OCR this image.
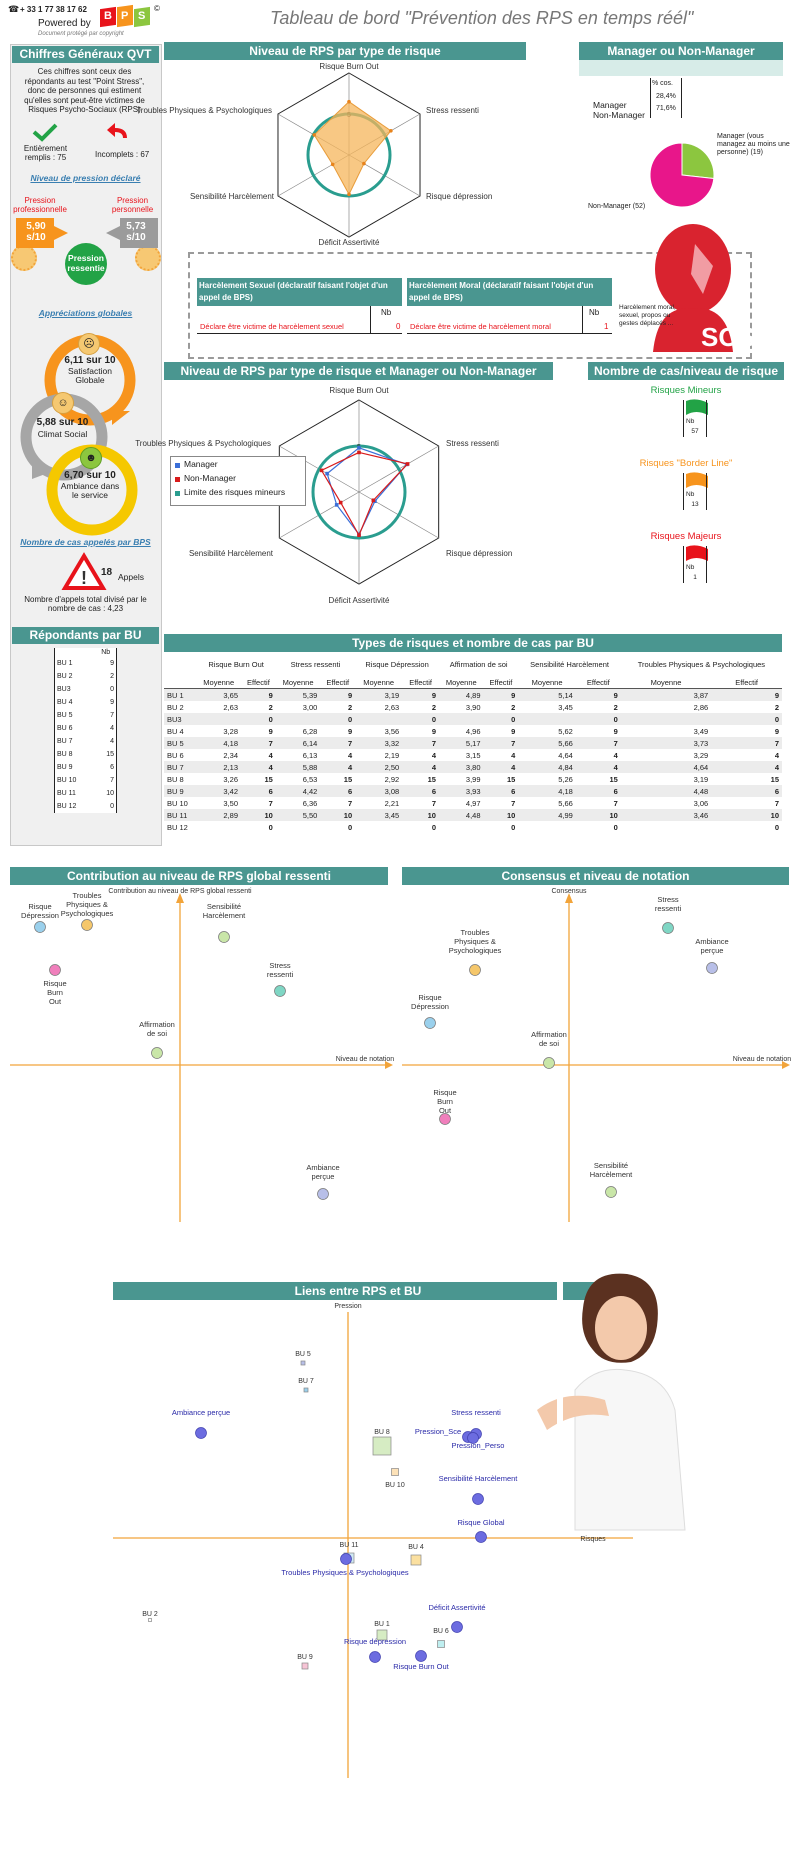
☎ + 33 1 77 38 17 62
Powered by
B P S
©
Document protégé par copyright
Tableau de bord "Prévention des RPS en temps réél"
Chiffres Généraux QVT
Ces chiffres sont ceux des répondants au test "Point Stress", donc de personnes qui estiment qu'elles sont peut-être victimes de Risques Psycho-Sociaux (RPS)
Entièrement remplis : 75	Incomplets : 67
Niveau de pression déclaré
Pression professionnelle
Pression personnelle
5,90 s/10
5,73 s/10
Pression ressentie
Appréciations globales
☹
6,11 sur 10
Satisfaction Globale
☺
5,88 sur 10
Climat Social
☻
6,70 sur 10
Ambiance dans le service
Nombre de cas appelés par BPS
! 18 Appels
Nombre d'appels total divisé par le nombre de cas : 4,23
Répondants par BU
	Nb
BU 1	9
BU 2	2
BU3	0
BU 4	9
BU 5	7
BU 6	4
BU 7	4
BU 8	15
BU 9	6
BU 10	7
BU 11	10
BU 12	0
Niveau de RPS par type de risque
Risque Burn Out
Stress ressenti
Risque dépression
Déficit Assertivité
Sensibilité Harcèlement
Troubles Physiques & Psychologiques
Manager ou Non-Manager
% cos.
Manager
28,4%
Non-Manager
71,6%
Manager (vous managez au moins une personne) (19)
Non-Manager (52)
Harcèlement Sexuel (déclaratif faisant l'objet d'un appel de BPS)
Nb
Déclare être victime de harcèlement sexuel	0
Harcèlement Moral (déclaratif faisant l'objet d'un appel de BPS)
Nb
Déclare être victime de harcèlement moral	1	SOS
Harcèlement moral, sexuel, propos ou gestes déplacés ...
Niveau de RPS par type de risque et Manager ou Non-Manager
Risque Burn Out
Stress ressenti
Risque dépression
Déficit Assertivité
Sensibilité Harcèlement
Troubles Physiques & Psychologiques
Manager
Non-Manager
Limite des risques mineurs
Nombre de cas/niveau de risque
Risques Mineurs
Nb
57
Risques "Border Line"
Nb
13
Risques Majeurs
Nb
1
Types de risques et nombre de cas par BU
	Risque Burn Out		Stress ressenti		Risque Dépression		Affirmation de soi		Sensibilité Harcèlement		Troubles Physiques & Psychologiques	
	Moyenne	Effectif	Moyenne	Effectif	Moyenne	Effectif	Moyenne	Effectif	Moyenne	Effectif	Moyenne	Effectif
BU 1	3,65	9	5,39	9	3,19	9	4,89	9	5,14	9	3,87	9
BU 2	2,63	2	3,00	2	2,63	2	3,90	2	3,45	2	2,86	2
BU3		0		0		0		0		0		0
BU 4	3,28	9	6,28	9	3,56	9	4,96	9	5,62	9	3,49	9
BU 5	4,18	7	6,14	7	3,32	7	5,17	7	5,66	7	3,73	7
BU 6	2,34	4	6,13	4	2,19	4	3,15	4	4,64	4	3,29	4
BU 7	2,13	4	5,88	4	2,50	4	3,80	4	4,84	4	4,64	4
BU 8	3,26	15	6,53	15	2,92	15	3,99	15	5,26	15	3,19	15
BU 9	3,42	6	4,42	6	3,08	6	3,93	6	4,18	6	4,48	6
BU 10	3,50	7	6,36	7	2,21	7	4,97	7	5,66	7	3,06	7
BU 11	2,89	10	5,50	10	3,45	10	4,48	10	4,99	10	3,46	10
BU 12		0		0		0		0		0		0
Contribution au niveau de RPS global ressenti
Contribution au niveau de RPS global ressenti
Niveau de notation
Risque Dépression
Troubles Physiques & Psychologiques
Sensibilité Harcèlement
Risque Burn Out
Stress ressenti
Affirmation de soi
Ambiance perçue
Consensus et niveau de notation
Consensus
Niveau de notation
Stress ressenti
Ambiance perçue
Troubles Physiques & Psychologiques
Risque Dépression
Affirmation de soi
Risque Burn Out
Sensibilité Harcèlement
Liens entre RPS et BU
Pression
Risques
BU 5
BU 7
BU 8
BU 10
BU 11	BU 4
BU 2
BU 1
BU 6
BU 9
Ambiance perçue	Stress ressenti
Pression_Sce
Pression_Perso
Sensibilité Harcèlement
Risque Global
Troubles Physiques & Psychologiques
Déficit Assertivité
Risque dépression
Risque Burn Out
